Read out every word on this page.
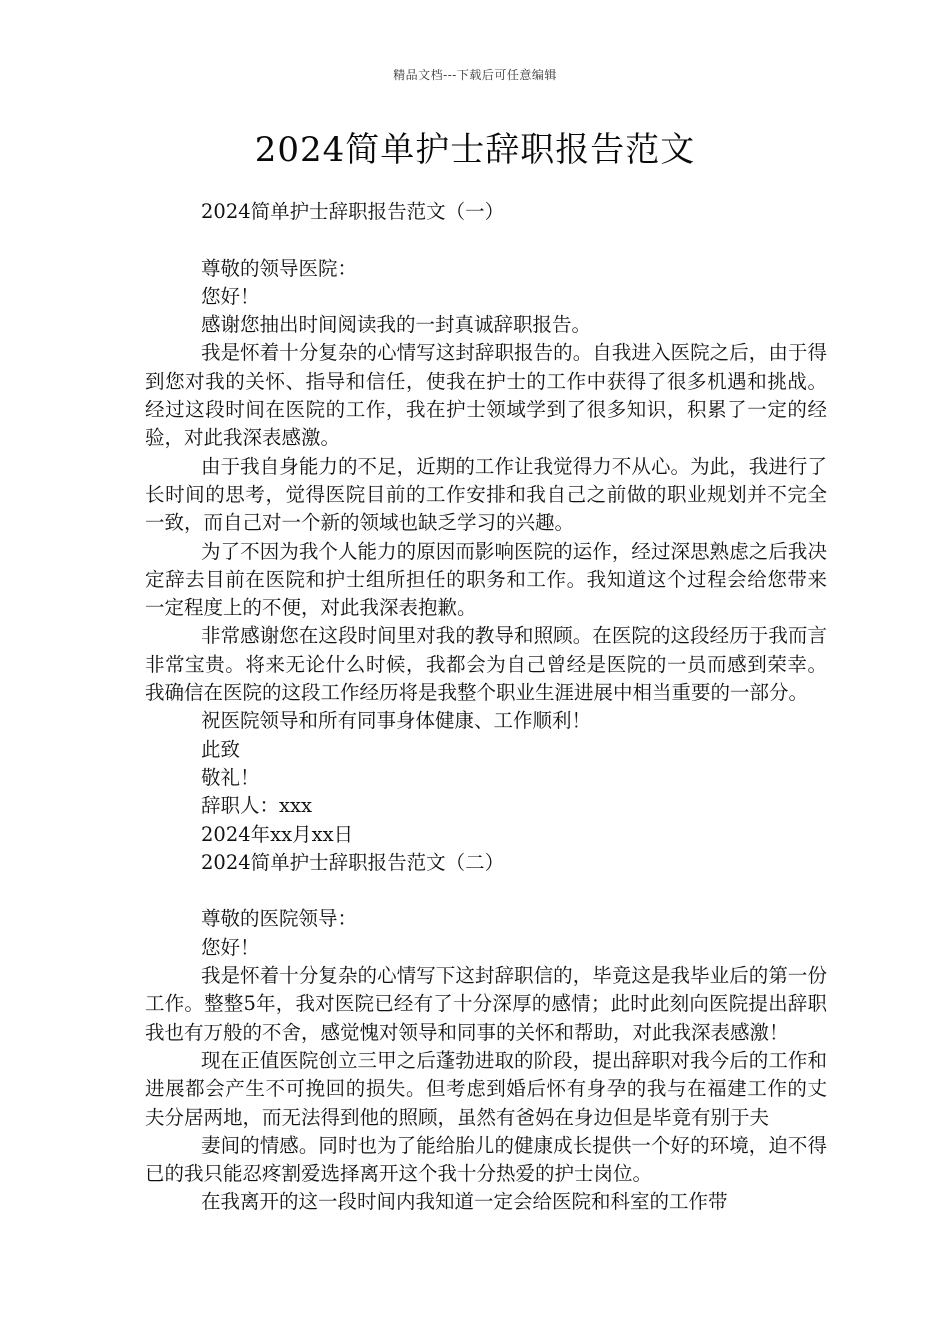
精品文档---下载后可任意编辑
2024简单护士辞职报告范文

2024简单护士辞职报告范文（一）

尊敬的领导医院：

您好！

感谢您抽出时间阅读我的一封真诚辞职报告。

我是怀着十分复杂的心情写这封辞职报告的。自我进入医院之后，由于得到您对我的关怀、指导和信任，使我在护士的工作中获得了很多机遇和挑战。经过这段时间在医院的工作，我在护士领域学到了很多知识，积累了一定的经验，对此我深表感激。

由于我自身能力的不足，近期的工作让我觉得力不从心。为此，我进行了长时间的思考，觉得医院目前的工作安排和我自己之前做的职业规划并不完全一致，而自己对一个新的领域也缺乏学习的兴趣。

为了不因为我个人能力的原因而影响医院的运作，经过深思熟虑之后我决定辞去目前在医院和护士组所担任的职务和工作。我知道这个过程会给您带来一定程度上的不便，对此我深表抱歉。

非常感谢您在这段时间里对我的教导和照顾。在医院的这段经历于我而言非常宝贵。将来无论什么时候，我都会为自己曾经是医院的一员而感到荣幸。我确信在医院的这段工作经历将是我整个职业生涯进展中相当重要的一部分。

祝医院领导和所有同事身体健康、工作顺利！

此致

敬礼！

辞职人：xxx

2024年xx月xx日

2024简单护士辞职报告范文（二）

尊敬的医院领导：

您好！

我是怀着十分复杂的心情写下这封辞职信的，毕竟这是我毕业后的第一份工作。整整5年，我对医院已经有了十分深厚的感情；此时此刻向医院提出辞职我也有万般的不舍，感觉愧对领导和同事的关怀和帮助，对此我深表感激！

现在正值医院创立三甲之后蓬勃进取的阶段，提出辞职对我今后的工作和进展都会产生不可挽回的损失。但考虑到婚后怀有身孕的我与在福建工作的丈夫分居两地，而无法得到他的照顾，虽然有爸妈在身边但是毕竟有别于夫

妻间的情感。同时也为了能给胎儿的健康成长提供一个好的环境，迫不得已的我只能忍疼割爱选择离开这个我十分热爱的护士岗位。

在我离开的这一段时间内我知道一定会给医院和科室的工作带
